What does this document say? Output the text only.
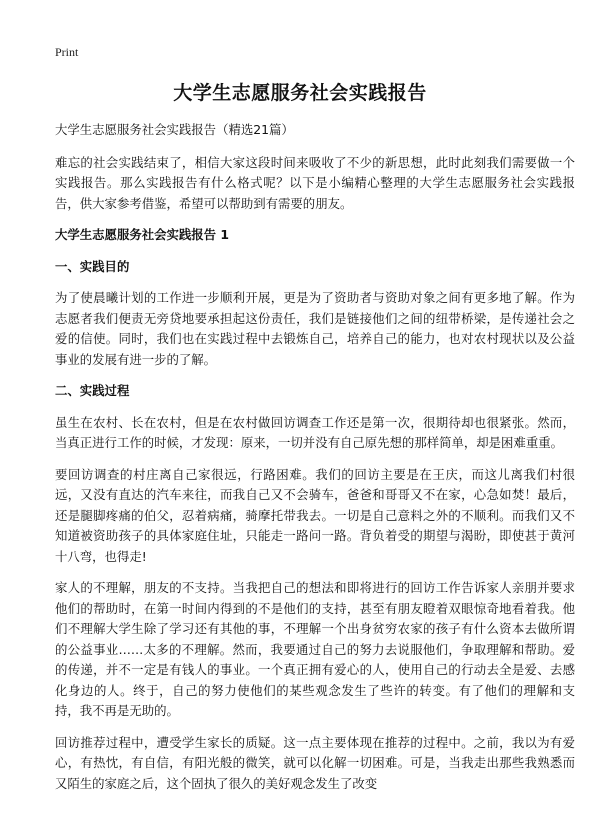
Print
大学生志愿服务社会实践报告

大学生志愿服务社会实践报告（精选21篇）

难忘的社会实践结束了，相信大家这段时间来吸收了不少的新思想，此时此刻我们需要做一个实践报告。那么实践报告有什么格式呢？以下是小编精心整理的大学生志愿服务社会实践报告，供大家参考借鉴，希望可以帮助到有需要的朋友。

大学生志愿服务社会实践报告 1

一、实践目的

为了使晨曦计划的工作进一步顺利开展，更是为了资助者与资助对象之间有更多地了解。作为志愿者我们便责无旁贷地要承担起这份责任，我们是链接他们之间的纽带桥梁，是传递社会之爱的信使。同时，我们也在实践过程中去锻炼自己，培养自己的能力，也对农村现状以及公益事业的发展有进一步的了解。

二、实践过程

虽生在农村、长在农村，但是在农村做回访调查工作还是第一次，很期待却也很紧张。然而，当真正进行工作的时候，才发现：原来，一切并没有自己原先想的那样简单，却是困难重重。

要回访调查的村庄离自己家很远，行路困难。我们的回访主要是在王庆，而这儿离我们村很远，又没有直达的汽车来往，而我自己又不会骑车，爸爸和哥哥又不在家，心急如焚！最后，还是腿脚疼痛的伯父，忍着病痛，骑摩托带我去。一切是自己意料之外的不顺利。而我们又不知道被资助孩子的具体家庭住址，只能走一路问一路。背负着受的期望与渴盼，即使甚于黄河十八弯，也得走!

家人的不理解，朋友的不支持。当我把自己的想法和即将进行的回访工作告诉家人亲朋并要求他们的帮助时，在第一时间内得到的不是他们的支持，甚至有朋友瞪着双眼惊奇地看着我。他们不理解大学生除了学习还有其他的事，不理解一个出身贫穷农家的孩子有什么资本去做所谓的公益事业……太多的不理解。然而，我要通过自己的努力去说服他们，争取理解和帮助。爱的传递，并不一定是有钱人的事业。一个真正拥有爱心的人，使用自己的行动去全是爱、去感化身边的人。终于，自己的努力使他们的某些观念发生了些许的转变。有了他们的理解和支持，我不再是无助的。

回访推荐过程中，遭受学生家长的质疑。这一点主要体现在推荐的过程中。之前，我以为有爱心，有热忱，有自信，有阳光般的微笑，就可以化解一切困难。可是，当我走出那些我熟悉而又陌生的家庭之后，这个固执了很久的美好观念发生了改变
